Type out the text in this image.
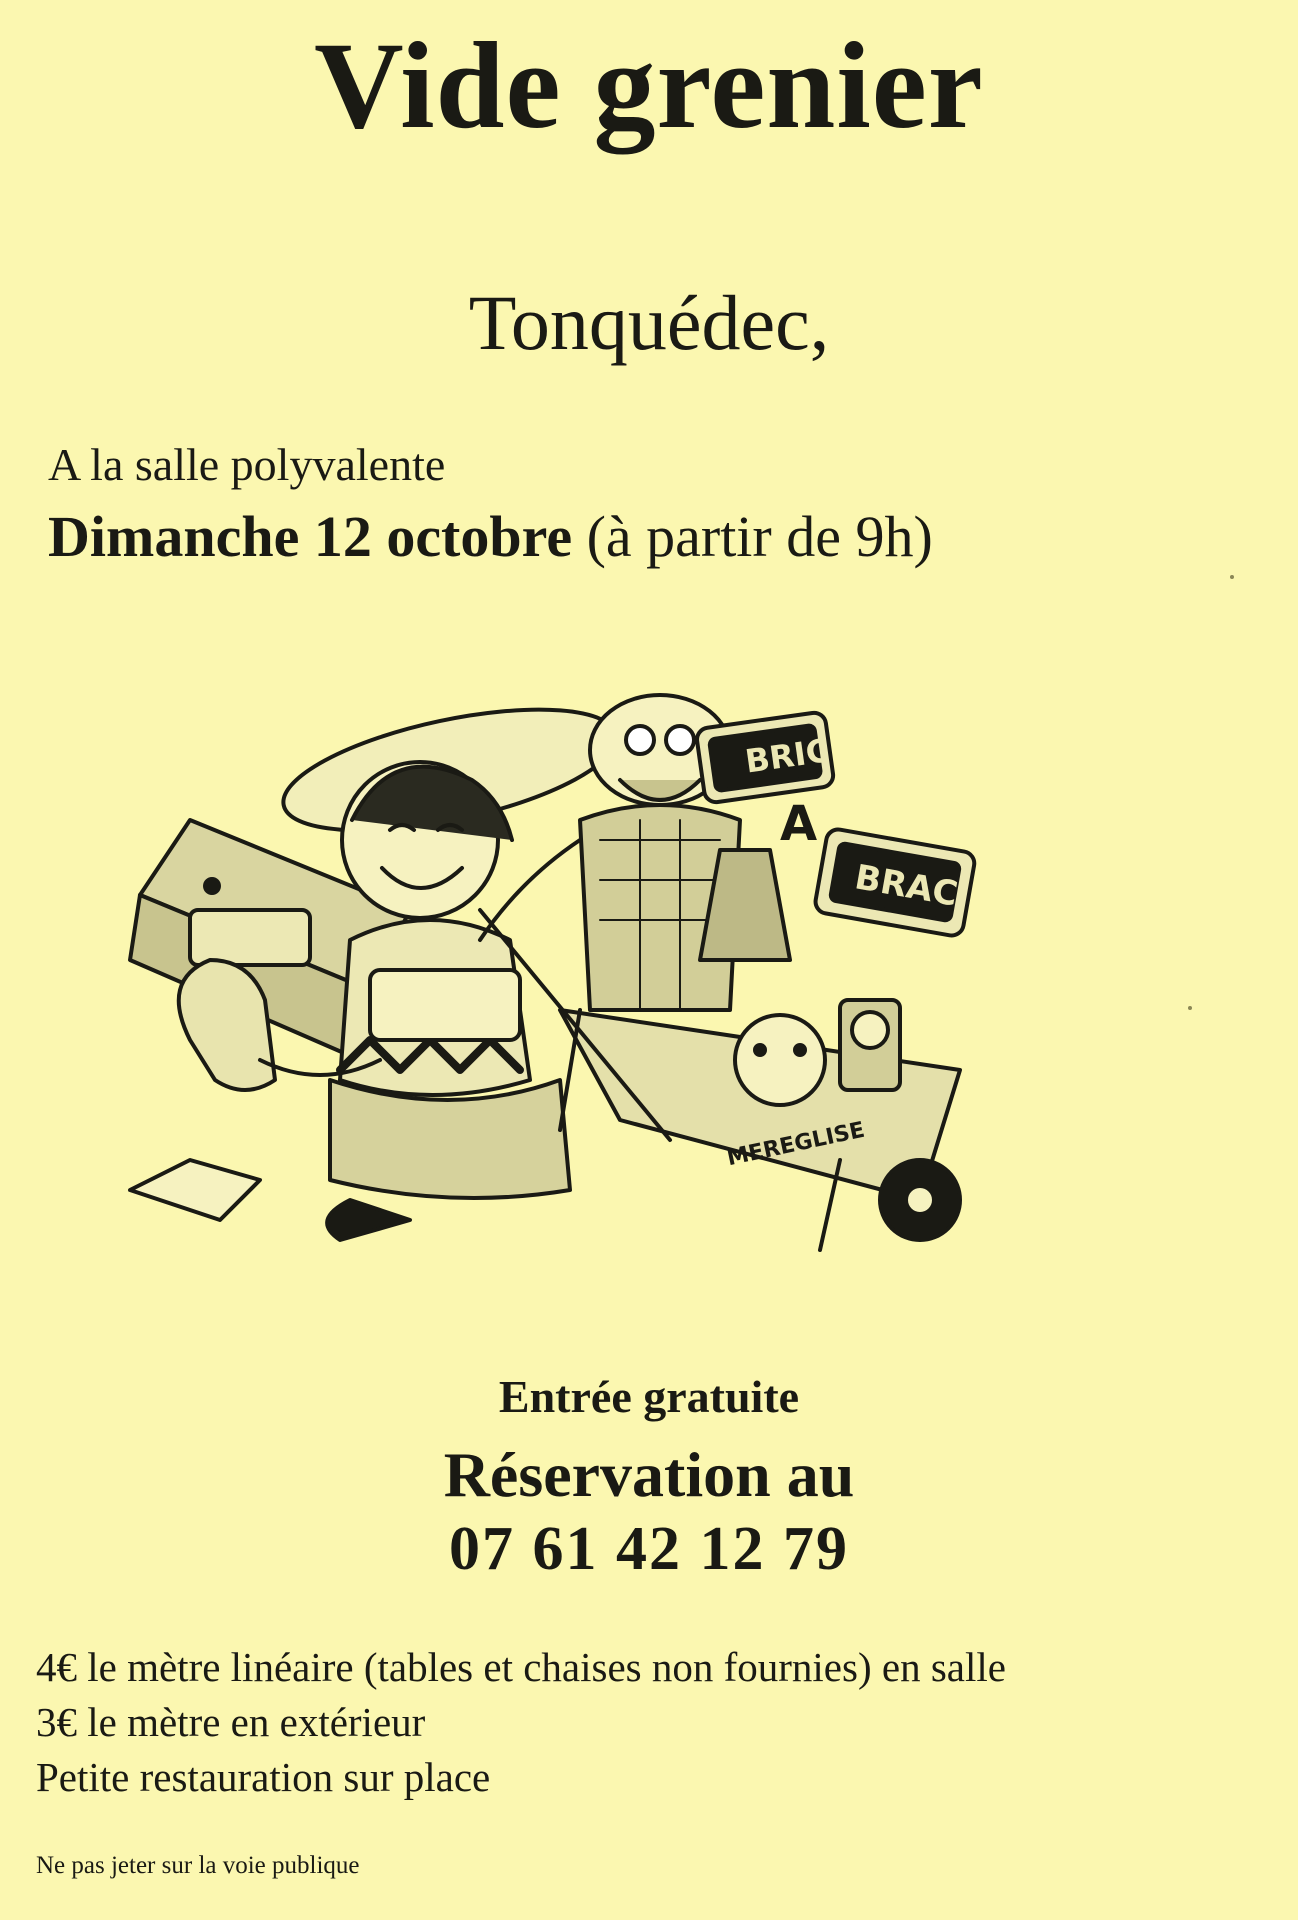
Vide grenier
Tonquédec,
A la salle polyvalente
Dimanche 12 octobre (à partir de 9h)
BRIC
BRAC
A
MEREGLISE
Entrée gratuite
Réservation au
07 61 42 12 79
4€ le mètre linéaire (tables et chaises non fournies) en salle
3€ le mètre en extérieur
Petite restauration sur place
Ne pas jeter sur la voie publique
